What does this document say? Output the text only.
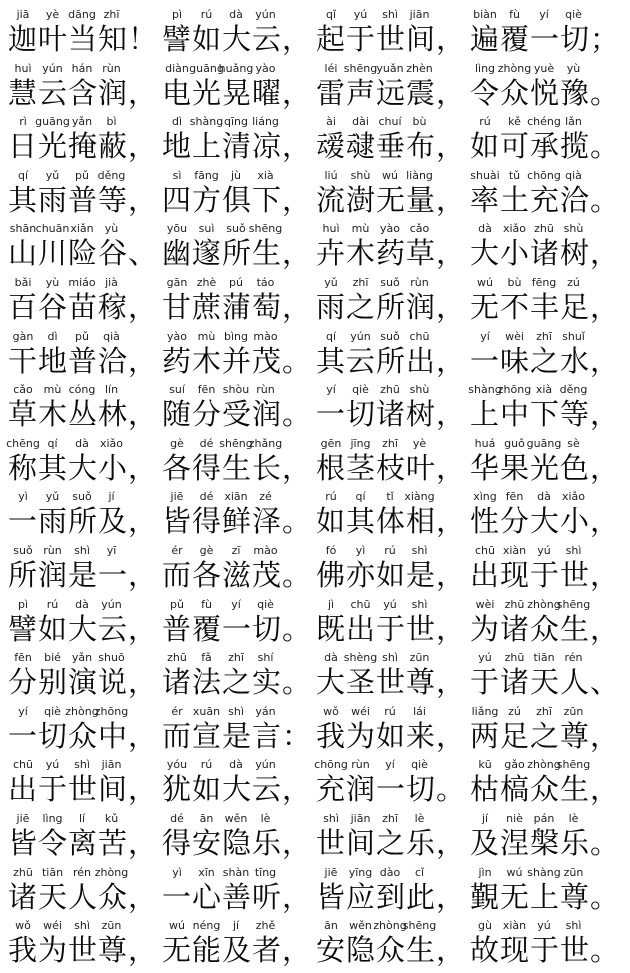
jiā yè dāng zhī
迦叶当知！
pì rú dà yún
譬如大云，
qǐ yú shì jiān
起于世间，
biàn fù yí qiè
遍覆一切；
huì yún hán rùn
慧云含润，
diàn guāng
huǎng yào
电光晃曜，
léi shēng yuǎn zhèn
雷声远震，
lìng zhòng yuè yù
令众悦豫。
rì guāng yǎn bì
日光掩蔽，
dì shàng qīng liáng
地上清凉，
ài dài chuí bù
叆叇垂布，
rú kě chéng lǎn
如可承揽。
qí yǔ pǔ děng
其雨普等，
sì fāng jù xià
四方俱下，
liú shù wú liàng
流澍无量，
shuài tǔ chōng qià
率土充洽。
shān chuān xiǎn yù
山川险谷、
yōu suì suǒ shēng
幽邃所生，
huì mù yào cǎo
卉木药草，
dà xiǎo zhū shù
大小诸树，
bǎi yù miáo jià
百谷苗稼，
gān zhè pú táo
甘蔗蒲萄，
yǔ zhī suǒ rùn
雨之所润，
wú bù fēng zú
无不丰足，
gàn dì pǔ qià
干地普洽，
yào mù bìng mào
药木并茂。
qí yún suǒ chū
其云所出，
yí wèi zhī shuǐ
一味之水，
cǎo mù cóng lín
草木丛林，
suí fēn shòu rùn
随分受润。
yí qiè zhū shù
一切诸树，
shàng
zhōng xià děng
上中下等，
chēng qí dà xiǎo
称其大小，
gè dé shēng
zhǎng
各得生长，
gēn jīng zhī yè
根茎枝叶，
huá guǒ guāng sè
华果光色，
yì yǔ suǒ jí
一雨所及，
jiē dé xiān zé
皆得鲜泽。
rú qí tǐ xiàng
如其体相，
xìng fēn dà xiǎo
性分大小，
suǒ rùn shì yī
所润是一，
ér gè zī mào
而各滋茂。
fó yì rú shì
佛亦如是，
chū xiàn yú shì
出现于世，
pì rú dà yún
譬如大云，
pǔ fù yí qiè
普覆一切。
jì chū yú shì
既出于世，
wèi zhū zhòng
shēng
为诸众生，
fēn bié yǎn shuō
分别演说，
zhū fǎ zhī shí
诸法之实。
dà shèng shì zūn
大圣世尊，
yú zhū tiān rén
于诸天人、
yí qiè zhòng
zhōng
一切众中，
ér xuān shì yán
而宣是言：
wǒ wéi rú lái
我为如来，
liǎng zú zhī zūn
两足之尊，
chū yú shì jiān
出于世间，
yóu rú dà yún
犹如大云，
chōng rùn yí qiè
充润一切。
kū gǎo zhòng
shēng
枯槁众生，
jiē lìng lí kǔ
皆令离苦，
dé ān wěn lè
得安隐乐，
shì jiān zhī lè
世间之乐，
jí niè pán lè
及涅槃乐。
zhū tiān rén zhòng
诸天人众，
yì xīn shàn tīng
一心善听，
jiē yīng dào cǐ
皆应到此，
jìn wú shàng zūn
覲无上尊。
wǒ wéi shì zūn
我为世尊，
wú néng jí zhě
无能及者，
ān wěn zhòng
shēng
安隐众生，
gù xiàn yú shì
故现于世。
